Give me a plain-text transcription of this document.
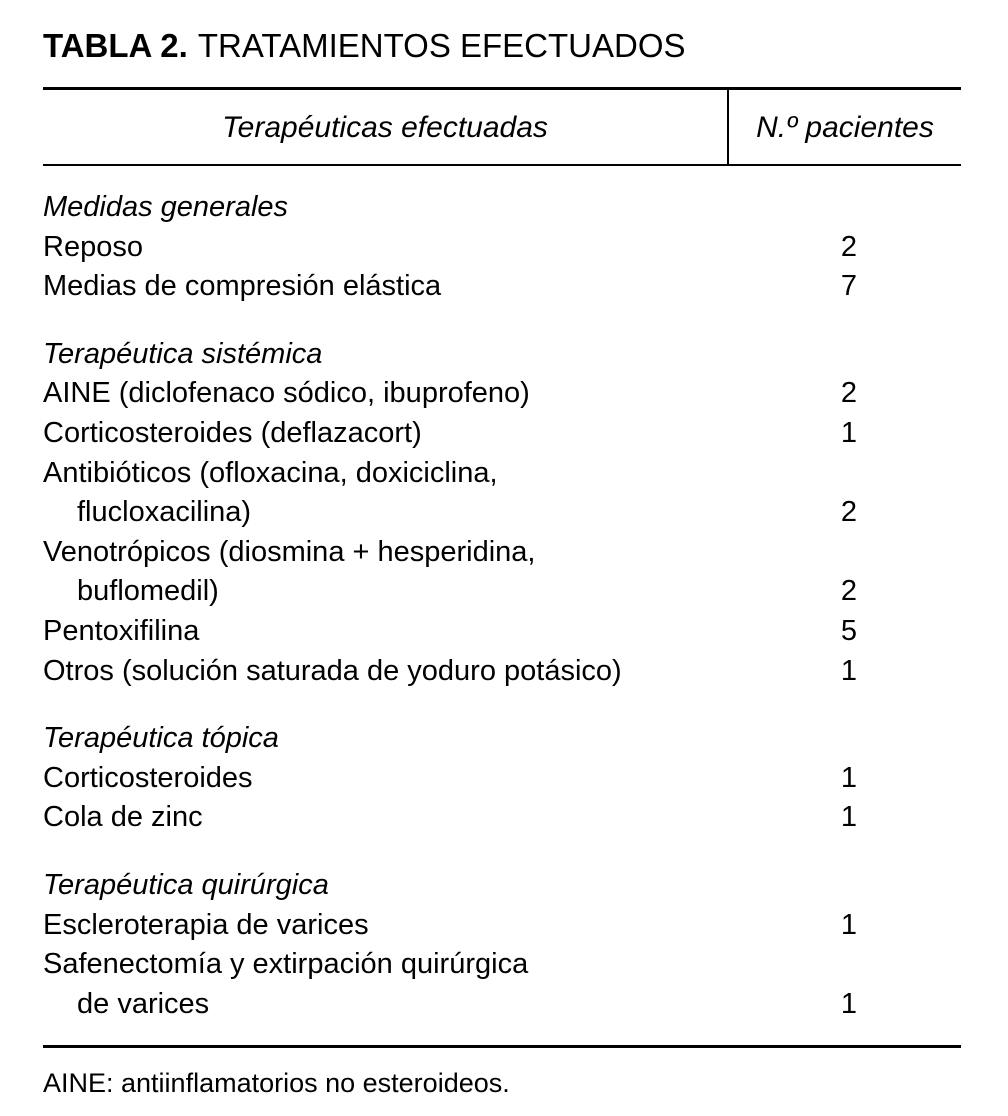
TABLA 2. TRATAMIENTOS EFECTUADOS
Terapéuticas efectuadas	N.º pacientes
Medidas generales
Reposo	2
Medias de compresión elástica	7
Terapéutica sistémica
AINE (diclofenaco sódico, ibuprofeno)	2
Corticosteroides (deflazacort)	1
Antibióticos (ofloxacina, doxiciclina,
flucloxacilina)	2
Venotrópicos (diosmina + hesperidina,
buflomedil)	2
Pentoxifilina	5
Otros (solución saturada de yoduro potásico)	1
Terapéutica tópica
Corticosteroides	1
Cola de zinc	1
Terapéutica quirúrgica
Escleroterapia de varices	1
Safenectomía y extirpación quirúrgica
de varices	1
AINE: antiinflamatorios no esteroideos.
